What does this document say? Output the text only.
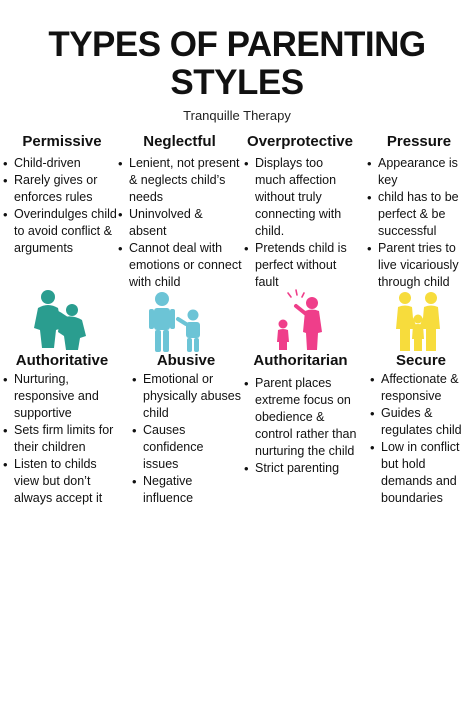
TYPES OF PARENTING STYLES
Tranquille Therapy
Permissive
• Child-driven
• Rarely gives or enforces rules
• Overindulges child to avoid conflict & arguments
Neglectful
• Lenient, not present & neglects child’s needs
• Uninvolved & absent
• Cannot deal with emotions or connect with child
Overprotective
• Displays too much affection without truly connecting with child.
• Pretends child is perfect without fault
Pressure
• Appearance is key
• child has to be perfect & be successful
• Parent tries to live vicariously through child
Authoritative
• Nurturing, responsive and supportive
• Sets firm limits for their children
• Listen to childs view but don’t always accept it
Abusive
• Emotional or physically abuses child
• Causes confidence issues
• Negative influence
Authoritarian
• Parent places extreme focus on obedience & control rather than nurturing the child
• Strict parenting
Secure
• Affectionate & responsive
• Guides & regulates child
• Low in conflict but hold demands and boundaries
